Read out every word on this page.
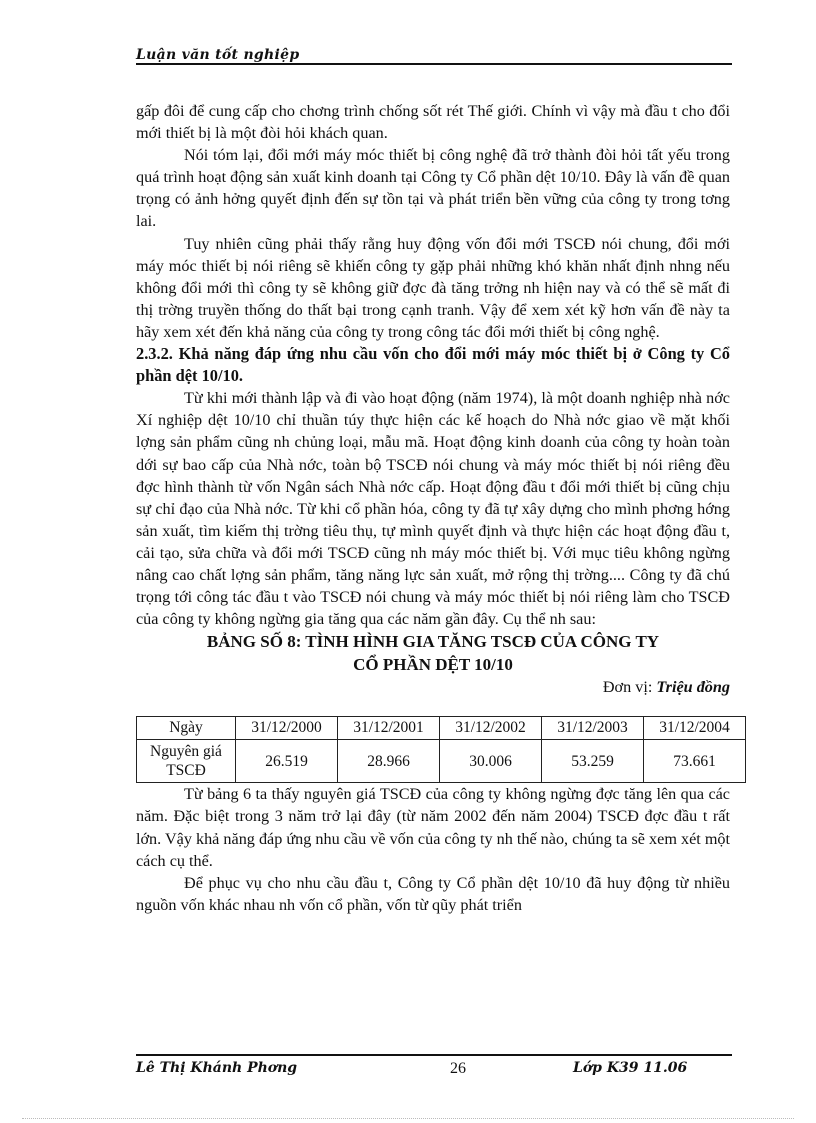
Luận văn tốt nghiệp

gấp đôi để cung cấp cho chơng trình chống sốt rét Thế giới. Chính vì vậy mà đầu t cho đổi mới thiết bị là một đòi hỏi khách quan.

Nói tóm lại, đổi mới máy móc thiết bị công nghệ đã trở thành đòi hỏi tất yếu trong quá trình hoạt động sản xuất kinh doanh tại Công ty Cổ phần dệt 10/10. Đây là vấn đề quan trọng có ảnh hởng quyết định đến sự tồn tại và phát triển bền vững của công ty trong tơng lai.

Tuy nhiên cũng phải thấy rằng huy động vốn đổi mới TSCĐ nói chung, đổi mới máy móc thiết bị nói riêng sẽ khiến công ty gặp phải những khó khăn nhất định nhng nếu không đổi mới thì công ty sẽ không giữ đợc đà tăng trởng nh hiện nay và có thể sẽ mất đi thị trờng truyền thống do thất bại trong cạnh tranh. Vậy để xem xét kỹ hơn vấn đề này ta hãy xem xét đến khả năng của công ty trong công tác đổi mới thiết bị công nghệ.

2.3.2. Khả năng đáp ứng nhu cầu vốn cho đổi mới máy móc thiết bị ở Công ty Cổ phần dệt 10/10.

Từ khi mới thành lập và đi vào hoạt động (năm 1974), là một doanh nghiệp nhà nớc Xí nghiệp dệt 10/10 chỉ thuần túy thực hiện các kế hoạch do Nhà nớc giao về mặt khối lợng sản phẩm cũng nh chủng loại, mẫu mã. Hoạt động kinh doanh của công ty hoàn toàn dới sự bao cấp của Nhà nớc, toàn bộ TSCĐ nói chung và máy móc thiết bị nói riêng đều đợc hình thành từ vốn Ngân sách Nhà nớc cấp. Hoạt động đầu t đổi mới thiết bị cũng chịu sự chỉ đạo của Nhà nớc. Từ khi cổ phần hóa, công ty đã tự xây dựng cho mình phơng hớng sản xuất, tìm kiếm thị trờng tiêu thụ, tự mình quyết định và thực hiện các hoạt động đầu t, cải tạo, sửa chữa và đổi mới TSCĐ cũng nh máy móc thiết bị. Với mục tiêu không ngừng nâng cao chất lợng sản phẩm, tăng năng lực sản xuất, mở rộng thị trờng.... Công ty đã chú trọng tới công tác đầu t vào TSCĐ nói chung và máy móc thiết bị nói riêng làm cho TSCĐ của công ty không ngừng gia tăng qua các năm gần đây. Cụ thể nh sau:

BẢNG SỐ 8: TÌNH HÌNH GIA TĂNG TSCĐ CỦA CÔNG TY
CỔ PHẦN DỆT 10/10

Đơn vị: Triệu đồng

Ngày	31/12/2000	31/12/2001	31/12/2002	31/12/2003	31/12/2004
Nguyên giá
TSCĐ	26.519	28.966	30.006	53.259	73.661

Từ bảng 6 ta thấy nguyên giá TSCĐ của công ty không ngừng đợc tăng lên qua các năm. Đặc biệt trong 3 năm trở lại đây (từ năm 2002 đến năm 2004) TSCĐ đợc đầu t rất lớn. Vậy khả năng đáp ứng nhu cầu về vốn của công ty nh thế nào, chúng ta sẽ xem xét một cách cụ thể.

Để phục vụ cho nhu cầu đầu t, Công ty Cổ phần dệt 10/10 đã huy động từ nhiều nguồn vốn khác nhau nh vốn cổ phần, vốn từ qũy phát triển

Lê Thị Khánh Phơng	26	Lớp K39 11.06
